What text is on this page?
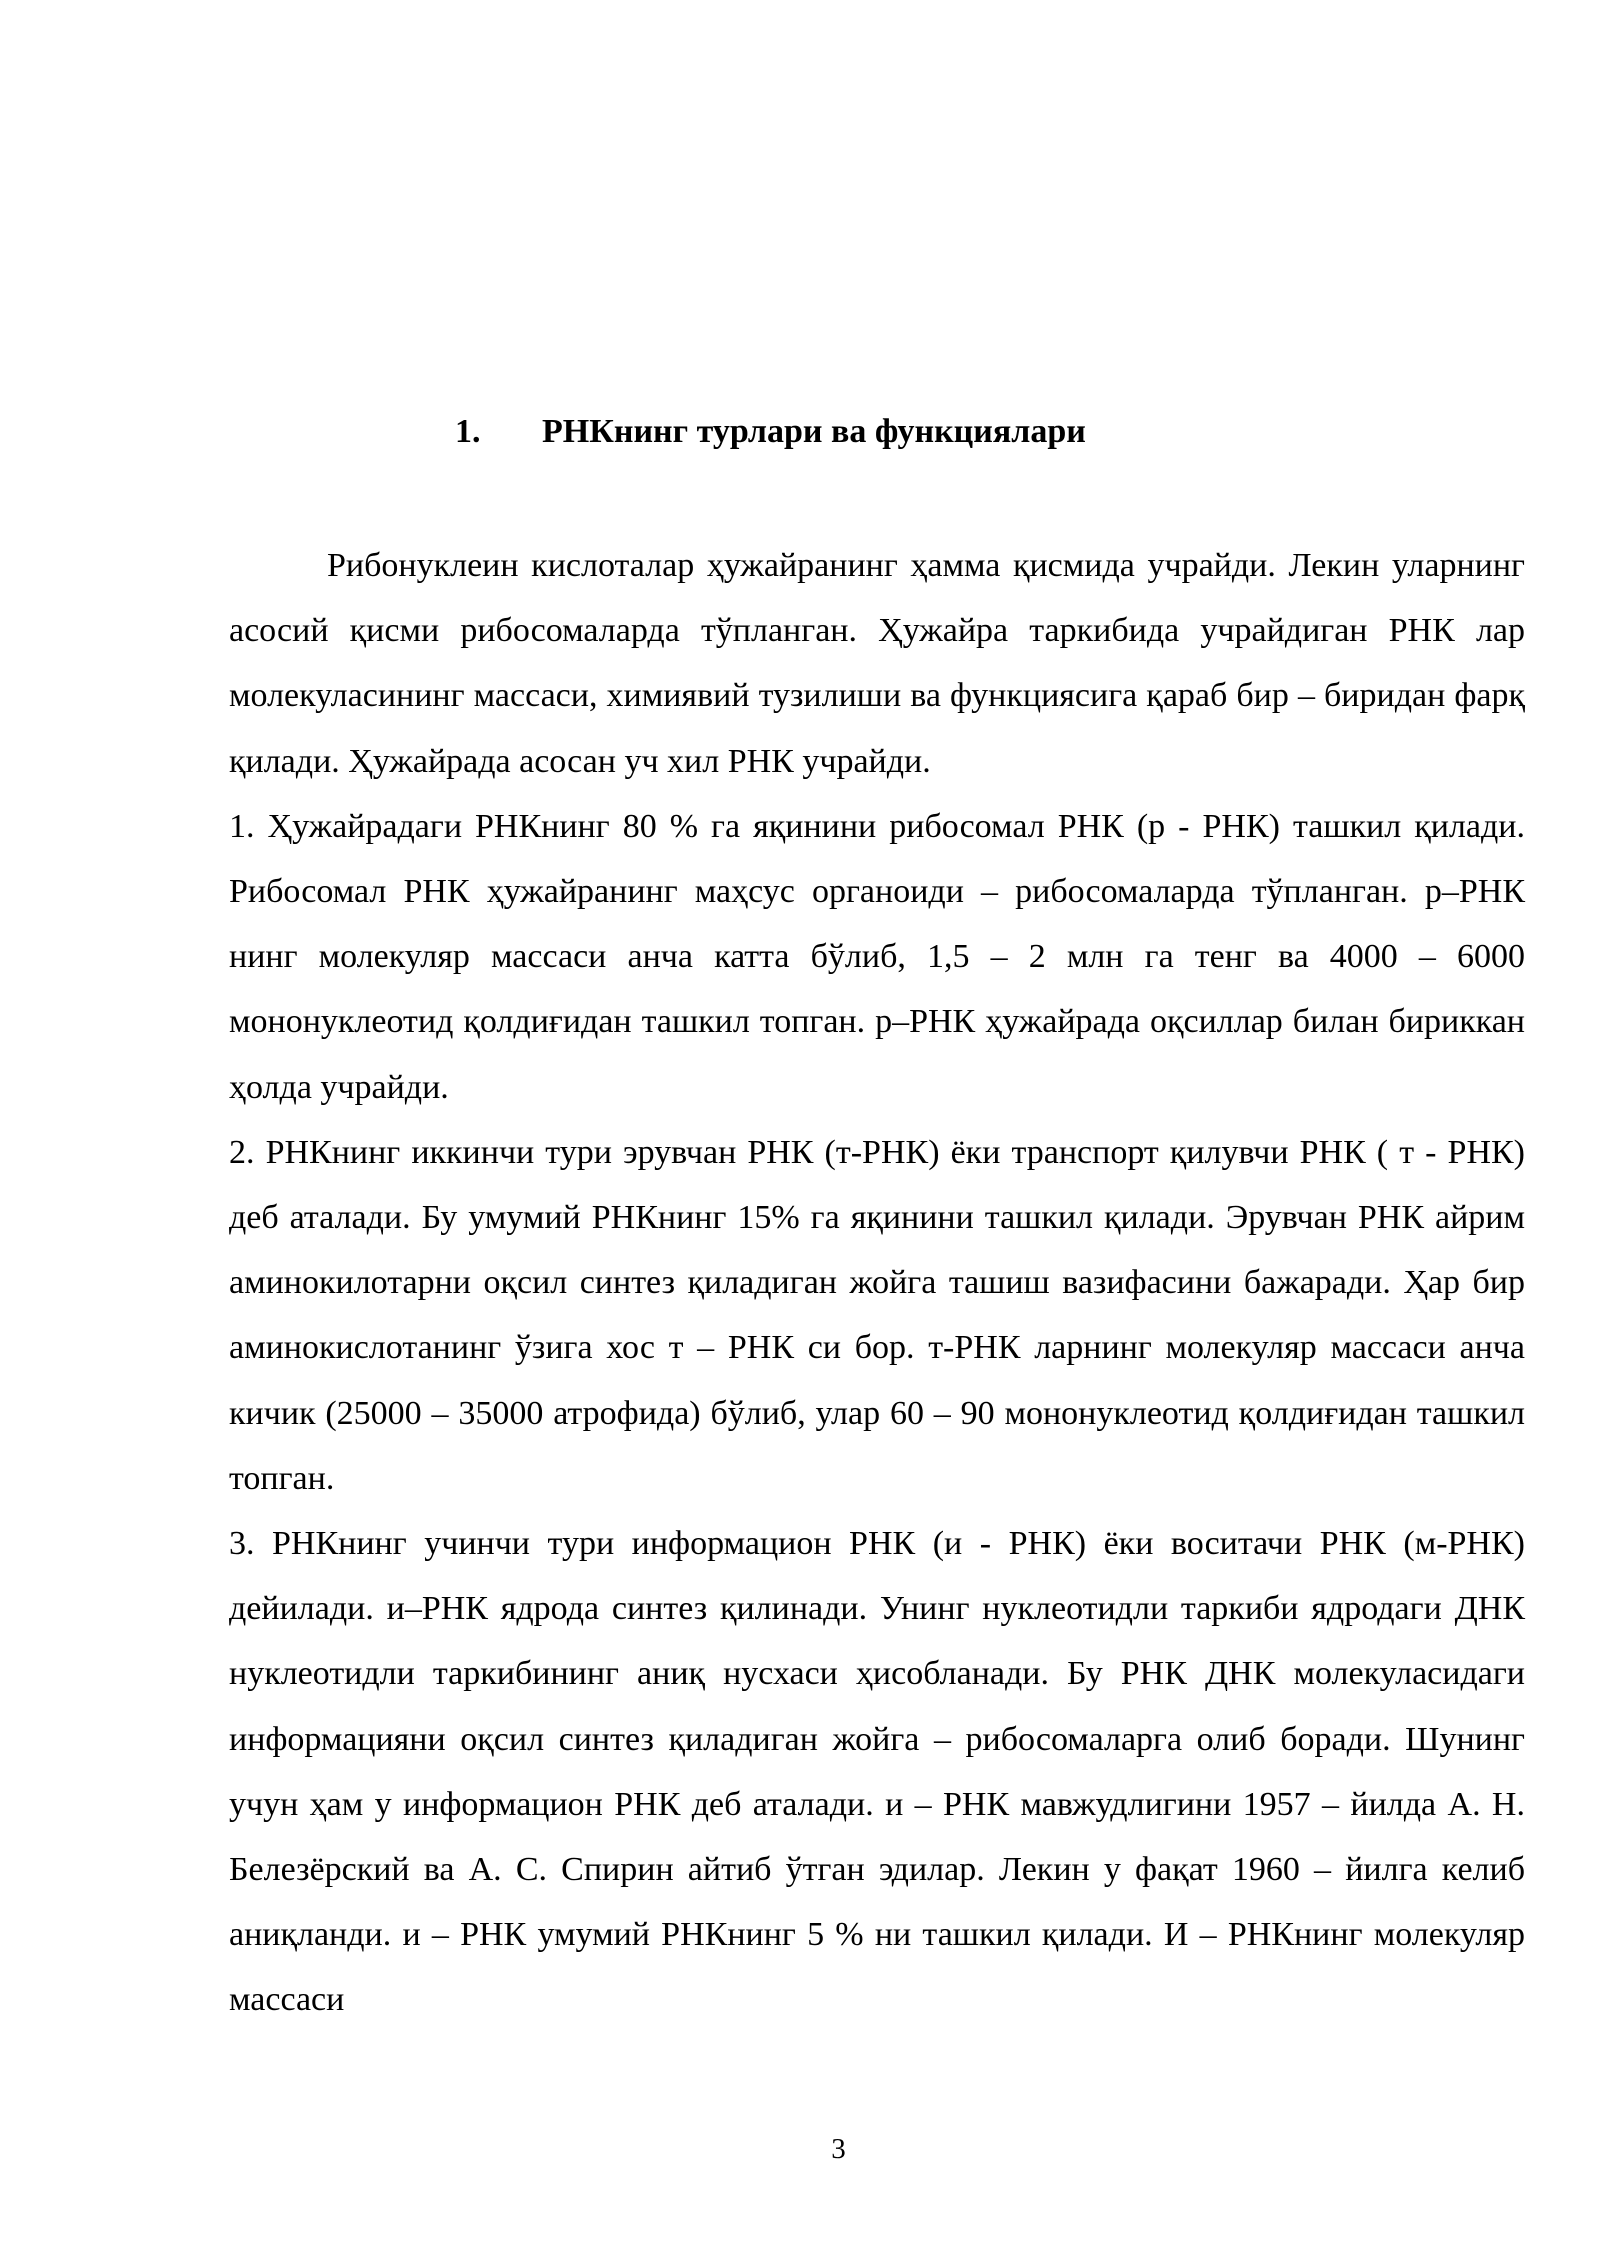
1. РНКнинг турлари ва функциялари

Рибонуклеин кислоталар ҳужайранинг ҳамма қисмида учрайди. Лекин уларнинг асосий қисми рибосомаларда тўпланган. Ҳужайра таркибида учрайдиган РНК лар молекуласининг массаси, химиявий тузилиши ва функциясига қараб бир – биридан фарқ қилади. Ҳужайрада асосан уч хил РНК учрайди.

1. Ҳужайрадаги РНКнинг 80 % га яқинини рибосомал РНК (р - РНК) ташкил қилади. Рибосомал РНК ҳужайранинг маҳсус органоиди – рибосомаларда тўпланган. р–РНК нинг молекуляр массаси анча катта бўлиб, 1,5 – 2 млн га тенг ва 4000 – 6000 мононуклеотид қолдиғидан ташкил топган. р–РНК ҳужайрада оқсиллар билан бириккан ҳолда учрайди.

2. РНКнинг иккинчи тури эрувчан РНК (т-РНК) ёки транспорт қилувчи РНК ( т - РНК) деб аталади. Бу умумий РНКнинг 15% га яқинини ташкил қилади. Эрувчан РНК айрим аминокилотарни оқсил синтез қиладиган жойга ташиш вазифасини бажаради. Ҳар бир аминокислотанинг ўзига хос т – РНК си бор. т-РНК ларнинг молекуляр массаси анча кичик (25000 – 35000 атрофида) бўлиб, улар 60 – 90 мононуклеотид қолдиғидан ташкил топган.

3. РНКнинг учинчи тури информацион РНК (и - РНК) ёки воситачи РНК (м-РНК) дейилади. и–РНК ядрода синтез қилинади. Унинг нуклеотидли таркиби ядродаги ДНК нуклеотидли таркибининг аниқ нусхаси ҳисобланади. Бу РНК ДНК молекуласидаги информацияни оқсил синтез қиладиган жойга – рибосомаларга олиб боради. Шунинг учун ҳам у информацион РНК деб аталади. и – РНК мавжудлигини 1957 – йилда А. Н. Белезёрский ва А. С. Спирин айтиб ўтган эдилар. Лекин у фақат 1960 – йилга келиб аниқланди. и – РНК умумий РНКнинг 5 % ни ташкил қилади. И – РНКнинг молекуляр массаси

3
